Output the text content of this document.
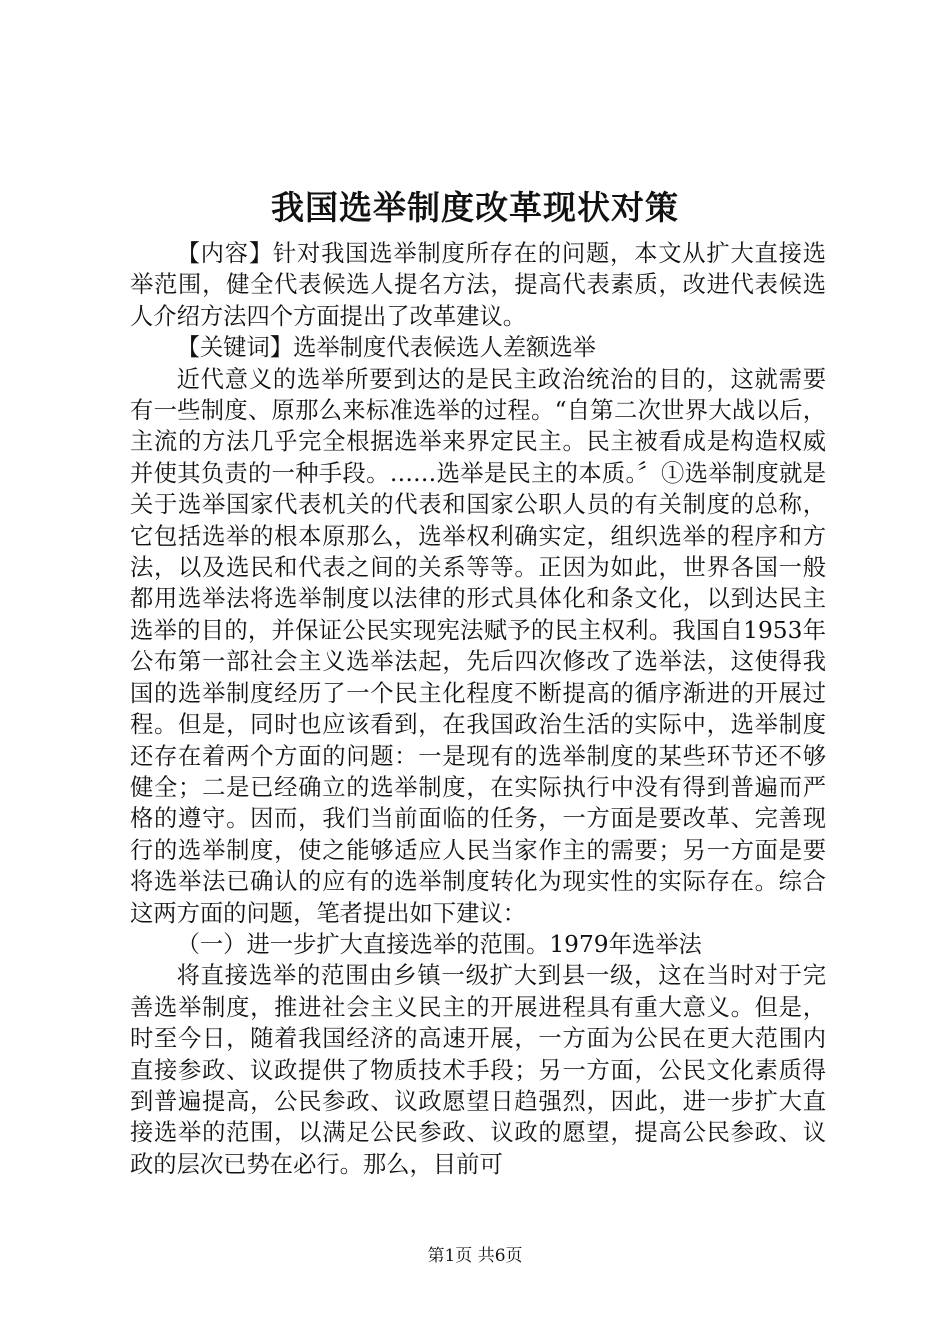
我国选举制度改革现状对策

【内容】针对我国选举制度所存在的问题，本文从扩大直接选举范围，健全代表候选人提名方法，提高代表素质，改进代表候选人介绍方法四个方面提出了改革建议。

【关键词】选举制度代表候选人差额选举

近代意义的选举所要到达的是民主政治统治的目的，这就需要有一些制度、原那么来标准选举的过程。“自第二次世界大战以后，主流的方法几乎完全根据选举来界定民主。民主被看成是构造权威并使其负责的一种手段。……选举是民主的本质。〞①选举制度就是关于选举国家代表机关的代表和国家公职人员的有关制度的总称，它包括选举的根本原那么，选举权利确实定，组织选举的程序和方法，以及选民和代表之间的关系等等。正因为如此，世界各国一般都用选举法将选举制度以法律的形式具体化和条文化，以到达民主选举的目的，并保证公民实现宪法赋予的民主权利。我国自1953年公布第一部社会主义选举法起，先后四次修改了选举法，这使得我国的选举制度经历了一个民主化程度不断提高的循序渐进的开展过程。但是，同时也应该看到，在我国政治生活的实际中，选举制度还存在着两个方面的问题：一是现有的选举制度的某些环节还不够健全；二是已经确立的选举制度，在实际执行中没有得到普遍而严格的遵守。因而，我们当前面临的任务，一方面是要改革、完善现行的选举制度，使之能够适应人民当家作主的需要；另一方面是要将选举法已确认的应有的选举制度转化为现实性的实际存在。综合这两方面的问题，笔者提出如下建议：

（一）进一步扩大直接选举的范围。1979年选举法

将直接选举的范围由乡镇一级扩大到县一级，这在当时对于完善选举制度，推进社会主义民主的开展进程具有重大意义。但是，时至今日，随着我国经济的高速开展，一方面为公民在更大范围内直接参政、议政提供了物质技术手段；另一方面，公民文化素质得到普遍提高，公民参政、议政愿望日趋强烈，因此，进一步扩大直接选举的范围，以满足公民参政、议政的愿望，提高公民参政、议政的层次已势在必行。那么，目前可

第1页 共6页
